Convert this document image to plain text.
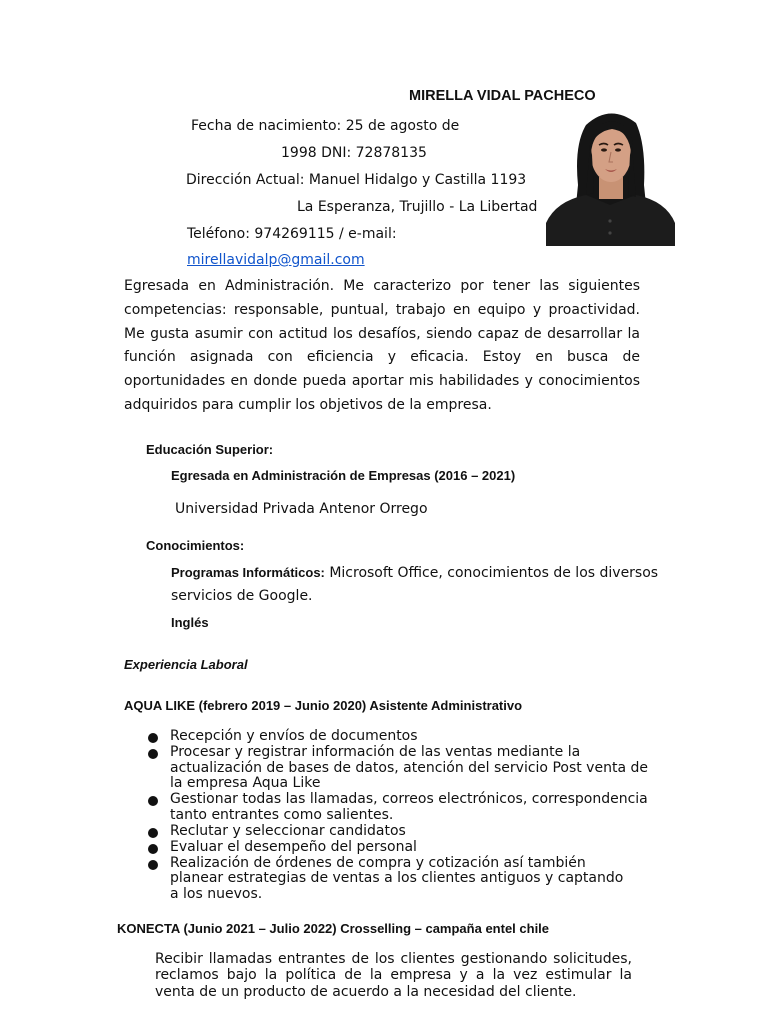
MIRELLA VIDAL PACHECO
Fecha de nacimiento: 25 de agosto de
1998 DNI: 72878135
Dirección Actual: Manuel Hidalgo y Castilla 1193
La Esperanza, Trujillo - La Libertad
Teléfono: 974269115 / e-mail:
mirellavidalp@gmail.com
Egresada en Administración. Me caracterizo por tener las siguientes
competencias: responsable, puntual, trabajo en equipo y proactividad.
Me gusta asumir con actitud los desafíos, siendo capaz de desarrollar la
función asignada con eficiencia y eficacia. Estoy en busca de
oportunidades en donde pueda aportar mis habilidades y conocimientos
adquiridos para cumplir los objetivos de la empresa.
Educación Superior:
Egresada en Administración de Empresas (2016 – 2021)
Universidad Privada Antenor Orrego
Conocimientos:
Programas Informáticos: Microsoft Office, conocimientos de los diversos
servicios de Google.
Inglés
Experiencia Laboral
AQUA LIKE (febrero 2019 – Junio 2020) Asistente Administrativo
Recepción y envíos de documentos
Procesar y registrar información de las ventas mediante la actualización de bases de datos, atención del servicio Post venta de la empresa Aqua Like
Gestionar todas las llamadas, correos electrónicos, correspondencia tanto entrantes como salientes.
Reclutar y seleccionar candidatos
Evaluar el desempeño del personal
Realización de órdenes de compra y cotización así también planear estrategias de ventas a los clientes antiguos y captando a los nuevos.
KONECTA (Junio 2021 – Julio 2022) Crosselling – campaña entel chile
Recibir llamadas entrantes de los clientes gestionando solicitudes, reclamos bajo la política de la empresa y a la vez estimular la venta de un producto de acuerdo a la necesidad del cliente.
